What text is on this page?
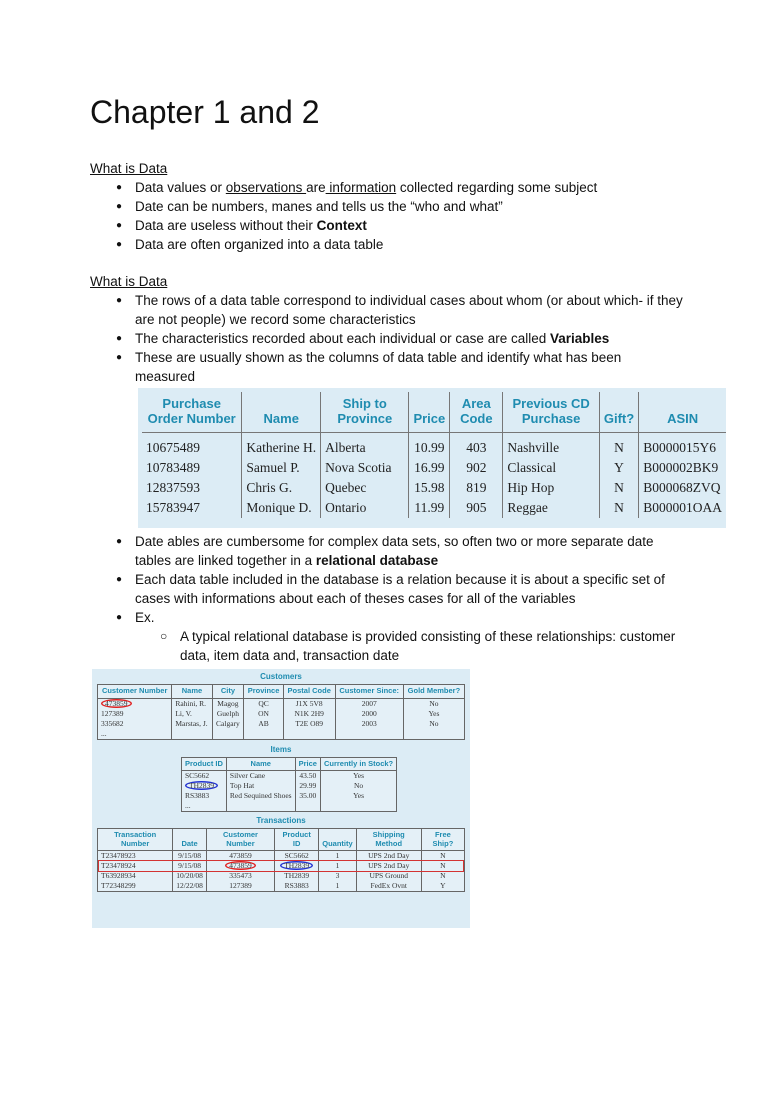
Chapter 1 and 2
What is Data
● Data values or observations are information collected regarding some subject
● Date can be numbers, manes and tells us the “who and what”
● Data are useless without their Context
● Data are often organized into a data table
What is Data
● The rows of a data table correspond to individual cases about whom (or about which- if they are not people) we record some characteristics
● The characteristics recorded about each individual or case are called Variables
● These are usually shown as the columns of data table and identify what has been measured
Purchase Order Number	Name	Ship to Province	Price	Area Code	Previous CD Purchase	Gift?	ASIN
10675489	Katherine H.	Alberta	10.99	403	Nashville	N	B0000015Y6
10783489	Samuel P.	Nova Scotia	16.99	902	Classical	Y	B000002BK9
12837593	Chris G.	Quebec	15.98	819	Hip Hop	N	B000068ZVQ
15783947	Monique D.	Ontario	11.99	905	Reggae	N	B000001OAA
● Date ables are cumbersome for complex data sets, so often two or more separate date tables are linked together in a relational database
● Each data table included in the database is a relation because it is about a specific set of cases with informations about each of theses cases for all of the variables
● Ex.
○ A typical relational database is provided consisting of these relationships: customer data, item data and, transaction date
Customers
Customer Number	Name	City	Province	Postal Code	Customer Since:	Gold Member?
473859	Rahini, R.	Magog	QC	J1X 5V8	2007	No
127389	Li, V.	Guelph	ON	N1K 2H9	2000	Yes
335682	Marstas, J.	Calgary	AB	T2E O89	2003	No
...						
Items
Product ID	Name	Price	Currently in Stock?
SC5662	Silver Cane	43.50	Yes
TH2839	Top Hat	29.99	No
RS3883	Red Sequined Shoes	35.00	Yes
...			
Transactions
Transaction Number	Date	Customer Number	Product ID	Quantity	Shipping Method	Free Ship?
T23478923	9/15/08	473859	SC5662	1	UPS 2nd Day	N
T23478924	9/15/08	473859	TH2839	1	UPS 2nd Day	N
T63928934	10/20/08	335473	TH2839	3	UPS Ground	N
T72348299	12/22/08	127389	RS3883	1	FedEx Ovnt	Y
